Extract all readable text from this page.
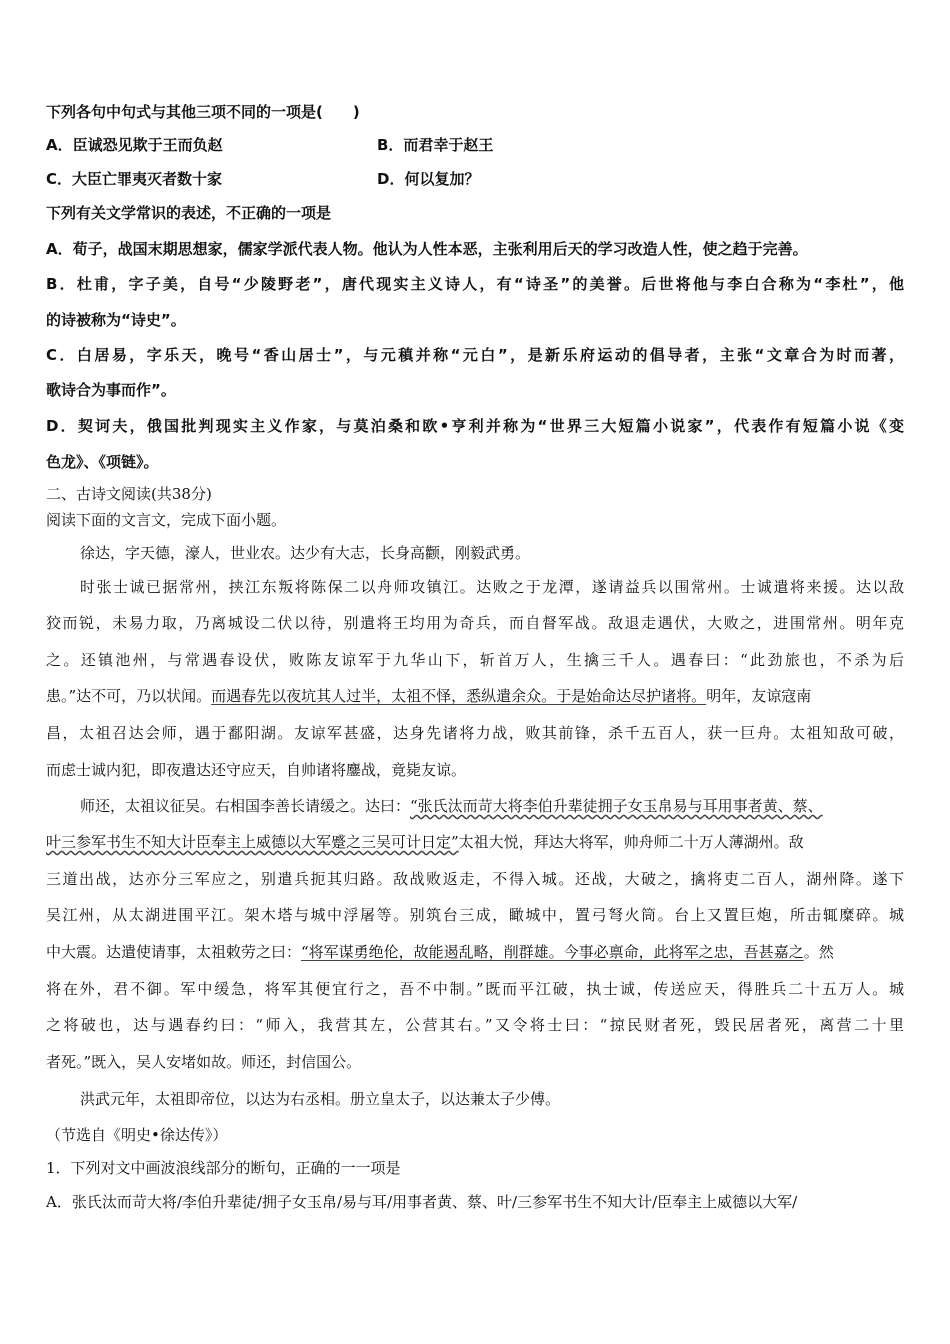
下列各句中句式与其他三项不同的一项是(　　)
A．臣诚恐见欺于王而负赵	B．而君幸于赵王
C．大臣亡罪夷灭者数十家	D．何以复加？
下列有关文学常识的表述，不正确的一项是
A．荀子，战国末期思想家，儒家学派代表人物。他认为人性本恶，主张利用后天的学习改造人性，使之趋于完善。
B．杜甫，字子美，自号“少陵野老”，唐代现实主义诗人，有“诗圣”的美誉。后世将他与李白合称为“李杜”，他
的诗被称为“诗史”。
C．白居易，字乐天，晚号“香山居士”，与元稹并称“元白”，是新乐府运动的倡导者，主张“文章合为时而著，
歌诗合为事而作”。
D．契诃夫，俄国批判现实主义作家，与莫泊桑和欧•亨利并称为“世界三大短篇小说家”，代表作有短篇小说《变
色龙》、《项链》。
二、古诗文阅读(共38分)
阅读下面的文言文，完成下面小题。
徐达，字天德，濠人，世业农。达少有大志，长身高颧，刚毅武勇。
时张士诚已据常州，挟江东叛将陈保二以舟师攻镇江。达败之于龙潭，遂请益兵以围常州。士诚遣将来援。达以敌
狡而锐，未易力取，乃离城设二伏以待，别遣将王均用为奇兵，而自督军战。敌退走遇伏，大败之，进围常州。明年克
之。还镇池州，与常遇春设伏，败陈友谅军于九华山下，斩首万人，生擒三千人。遇春曰：“此劲旅也，不杀为后
患。”达不可，乃以状闻。而遇春先以夜坑其人过半，太祖不怿，悉纵遣余众。于是始命达尽护诸将。明年，友谅寇南
昌，太祖召达会师，遇于鄱阳湖。友谅军甚盛，达身先诸将力战，败其前锋，杀千五百人，获一巨舟。太祖知敌可破，
而虑士诚内犯，即夜遣达还守应天，自帅诸将鏖战，竟毙友谅。
师还，太祖议征吴。右相国李善长请缓之。达曰：“张氏汰而苛大将李伯升辈徒拥子女玉帛易与耳用事者黄、蔡、
叶三参军书生不知大计臣奉主上威德以大军蹙之三吴可计日定”太祖大悦，拜达大将军，帅舟师二十万人薄湖州。敌
三道出战，达亦分三军应之，别遣兵扼其归路。敌战败返走，不得入城。还战，大破之，擒将吏二百人，湖州降。遂下
吴江州，从太湖进围平江。架木塔与城中浮屠等。别筑台三成，瞰城中，置弓弩火筒。台上又置巨炮，所击辄糜碎。城
中大震。达遣使请事，太祖敕劳之曰：“将军谋勇绝伦，故能遏乱略，削群雄。今事必禀命，此将军之忠，吾甚嘉之。然
将在外，君不御。军中缓急，将军其便宜行之，吾不中制。”既而平江破，执士诚，传送应天，得胜兵二十五万人。城
之将破也，达与遇春约曰：“师入，我营其左，公营其右。”又令将士曰：“掠民财者死，毁民居者死，离营二十里
者死。”既入，吴人安堵如故。师还，封信国公。
洪武元年，太祖即帝位，以达为右丞相。册立皇太子，以达兼太子少傅。
（节选自《明史•徐达传》）
1．下列对文中画波浪线部分的断句，正确的一一项是
A．张氏汰而苛大将/李伯升辈徒/拥子女玉帛/易与耳/用事者黄、蔡、叶/三参军书生不知大计/臣奉主上威德以大军/
